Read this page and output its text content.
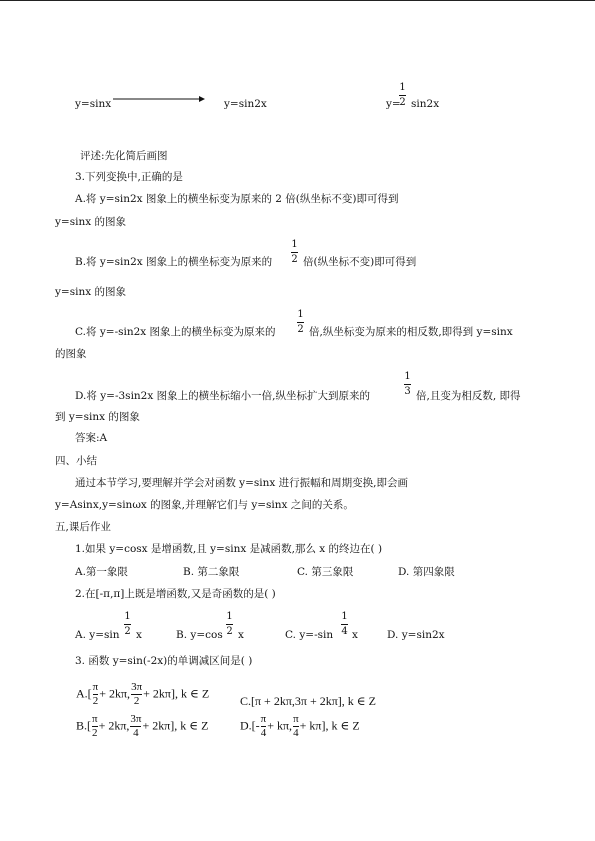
y=sinx	y=sin2x	y=
1
2 sin2x
评述:先化简后画图
3.下列变换中,正确的是
A.将 y=sin2x 图象上的横坐标变为原来的 2 倍(纵坐标不变)即可得到
y=sinx 的图象
B.将 y=sin2x 图象上的横坐标变为原来的
1
2 倍(纵坐标不变)即可得到
y=sinx 的图象
C.将 y=-sin2x 图象上的横坐标变为原来的
1
2 倍,纵坐标变为原来的相反数,即得到 y=sinx
的图象
D.将 y=-3sin2x 图象上的横坐标缩小一倍,纵坐标扩大到原来的
1
3 倍,且变为相反数, 即得
到 y=sinx 的图象
答案:A
四、小结
通过本节学习,要理解并学会对函数 y=sinx 进行振幅和周期变换,即会画
y=Asinx,y=sinωx 的图象,并理解它们与 y=sinx 之间的关系。
五,课后作业
1.如果 y=cosx 是增函数,且 y=sinx 是减函数,那么 x 的终边在( )
A.第一象限	B. 第二象限	C. 第三象限	D. 第四象限
2.在[-π,π]上既是增函数,又是奇函数的是( )
A. y=sin
1
2 x	B. y=cos
1
2 x	C. y=-sin
1
4 x	D. y=sin2x
3. 函数 y=sin(-2x)的单调减区间是( )
$A.[ \frac{\pi}{2} + 2k\pi$, $\frac{3\pi}{2} + 2k\pi$], k ∈ Z
C.[π + 2kπ,3π + 2kπ], k ∈ Z
$B.[ \frac{\pi}{2} + 2k\pi$, $\frac{3\pi}{4} + 2k\pi$], k ∈ Z	$D.[- \frac{\pi}{4} + k\pi$, $\frac{\pi}{4} + k\pi$], k ∈ Z
